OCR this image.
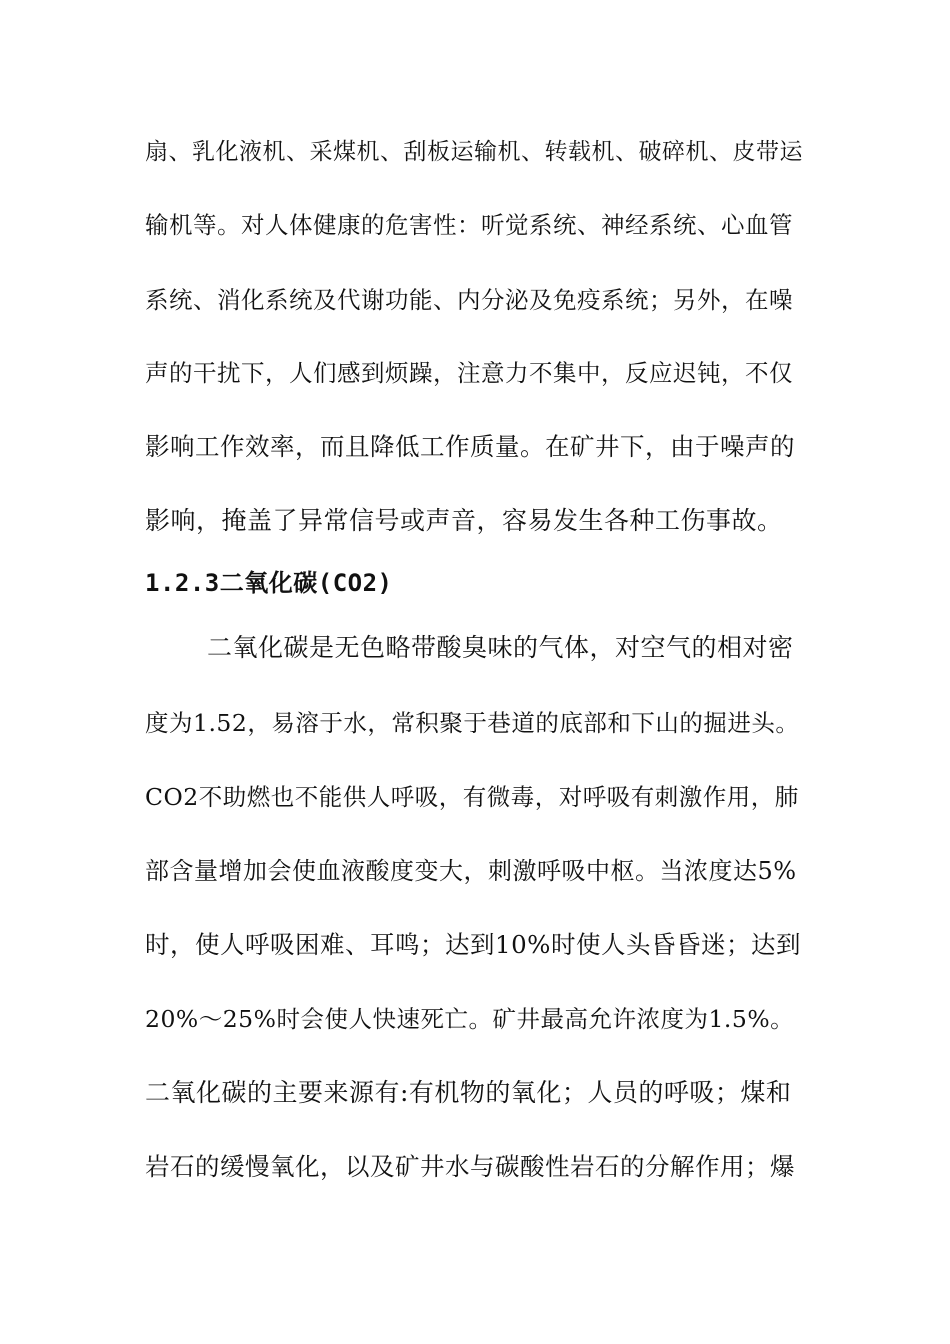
扇、乳化液机、采煤机、刮板运输机、转载机、破碎机、皮带运
输机等。对人体健康的危害性：听觉系统、神经系统、心血管
系统、消化系统及代谢功能、内分泌及免疫系统；另外，在噪
声的干扰下，人们感到烦躁，注意力不集中，反应迟钝，不仅
影响工作效率，而且降低工作质量。在矿井下，由于噪声的
影响，掩盖了异常信号或声音，容易发生各种工伤事故。
1.2.3二氧化碳(CO2)
二氧化碳是无色略带酸臭味的气体，对空气的相对密
度为1.52，易溶于水，常积聚于巷道的底部和下山的掘进头。
CO2不助燃也不能供人呼吸，有微毒，对呼吸有刺激作用，肺
部含量增加会使血液酸度变大，刺激呼吸中枢。当浓度达5%
时，使人呼吸困难、耳鸣；达到10%时使人头昏昏迷；达到
20%～25%时会使人快速死亡。矿井最高允许浓度为1.5%。
二氧化碳的主要来源有:有机物的氧化；人员的呼吸；煤和
岩石的缓慢氧化，以及矿井水与碳酸性岩石的分解作用；爆
